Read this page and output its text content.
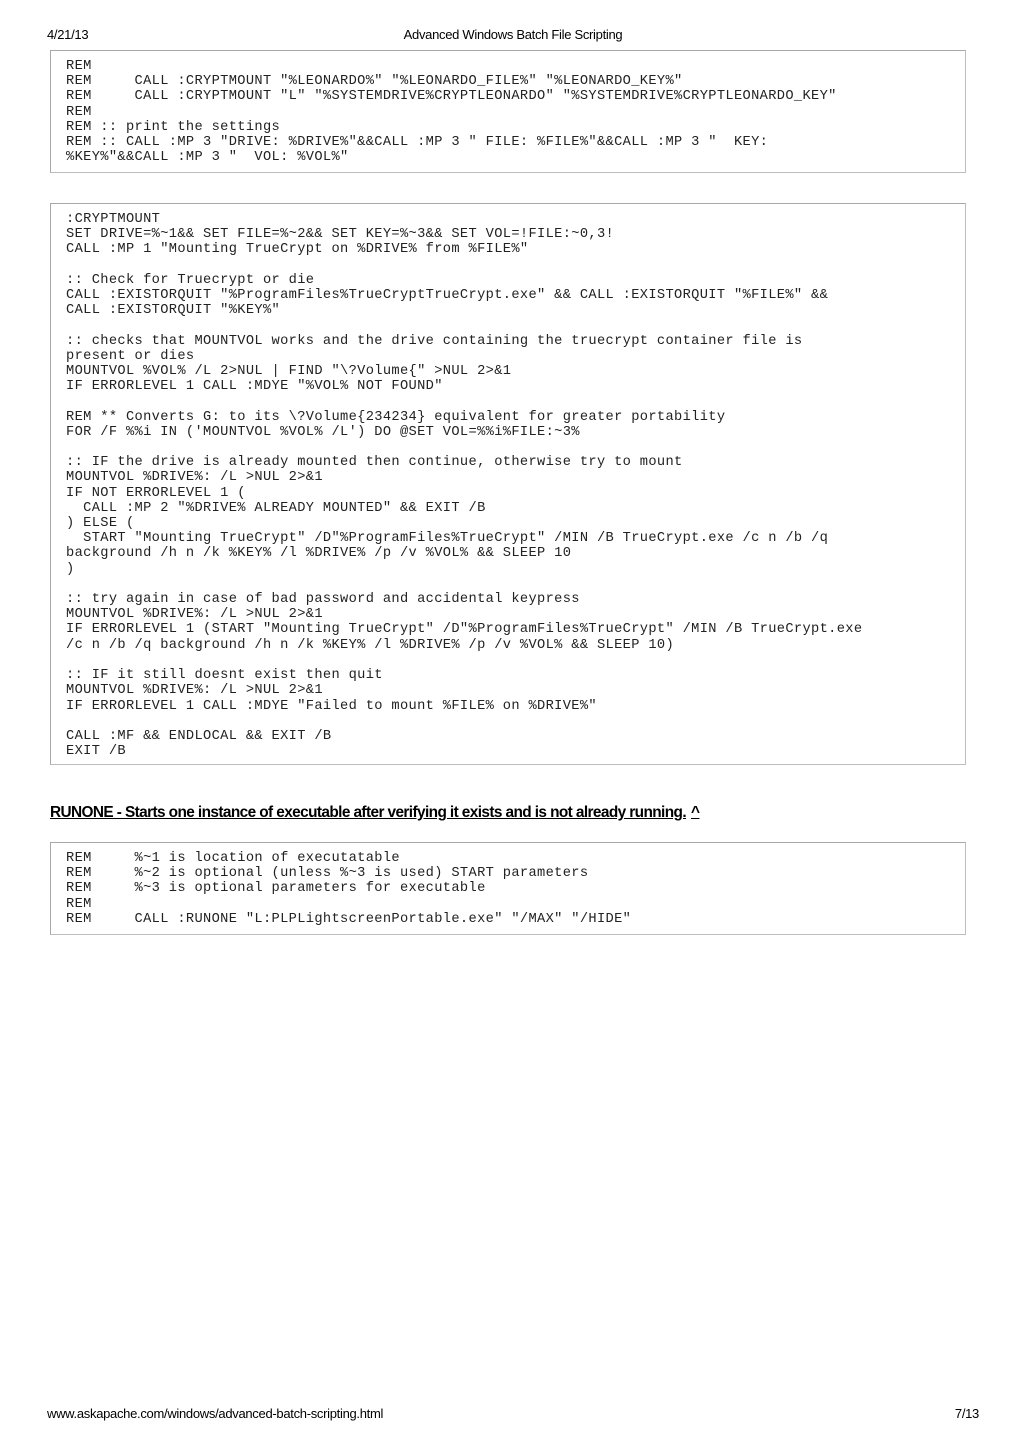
4/21/13	Advanced Windows Batch File Scripting
REM
REM     CALL :CRYPTMOUNT "%LEONARDO%" "%LEONARDO_FILE%" "%LEONARDO_KEY%"
REM     CALL :CRYPTMOUNT "L" "%SYSTEMDRIVE%CRYPTLEONARDO" "%SYSTEMDRIVE%CRYPTLEONARDO_KEY"
REM
REM :: print the settings
REM :: CALL :MP 3 "DRIVE: %DRIVE%"&&CALL :MP 3 " FILE: %FILE%"&&CALL :MP 3 "  KEY:
%KEY%"&&CALL :MP 3 "  VOL: %VOL%"
:CRYPTMOUNT
SET DRIVE=%~1&& SET FILE=%~2&& SET KEY=%~3&& SET VOL=!FILE:~0,3!
CALL :MP 1 "Mounting TrueCrypt on %DRIVE% from %FILE%"

:: Check for Truecrypt or die
CALL :EXISTORQUIT "%ProgramFiles%TrueCryptTrueCrypt.exe" && CALL :EXISTORQUIT "%FILE%" &&
CALL :EXISTORQUIT "%KEY%"

:: checks that MOUNTVOL works and the drive containing the truecrypt container file is
present or dies
MOUNTVOL %VOL% /L 2>NUL | FIND "\?Volume{" >NUL 2>&1
IF ERRORLEVEL 1 CALL :MDYE "%VOL% NOT FOUND"

REM ** Converts G: to its \?Volume{234234} equivalent for greater portability
FOR /F %%i IN ('MOUNTVOL %VOL% /L') DO @SET VOL=%%i%FILE:~3%

:: IF the drive is already mounted then continue, otherwise try to mount
MOUNTVOL %DRIVE%: /L >NUL 2>&1
IF NOT ERRORLEVEL 1 (
CALL :MP 2 "%DRIVE% ALREADY MOUNTED" && EXIT /B
) ELSE (
START "Mounting TrueCrypt" /D"%ProgramFiles%TrueCrypt" /MIN /B TrueCrypt.exe /c n /b /q
background /h n /k %KEY% /l %DRIVE% /p /v %VOL% && SLEEP 10
)

:: try again in case of bad password and accidental keypress
MOUNTVOL %DRIVE%: /L >NUL 2>&1
IF ERRORLEVEL 1 (START "Mounting TrueCrypt" /D"%ProgramFiles%TrueCrypt" /MIN /B TrueCrypt.exe
/c n /b /q background /h n /k %KEY% /l %DRIVE% /p /v %VOL% && SLEEP 10)

:: IF it still doesnt exist then quit
MOUNTVOL %DRIVE%: /L >NUL 2>&1
IF ERRORLEVEL 1 CALL :MDYE "Failed to mount %FILE% on %DRIVE%"

CALL :MF && ENDLOCAL && EXIT /B
EXIT /B
RUNONE - Starts one instance of executable after verifying it exists and is not already running. ^
REM     %~1 is location of executatable
REM     %~2 is optional (unless %~3 is used) START parameters
REM     %~3 is optional parameters for executable
REM
REM     CALL :RUNONE "L:PLPLightscreenPortable.exe" "/MAX" "/HIDE"
www.askapache.com/windows/advanced-batch-scripting.html	7/13
